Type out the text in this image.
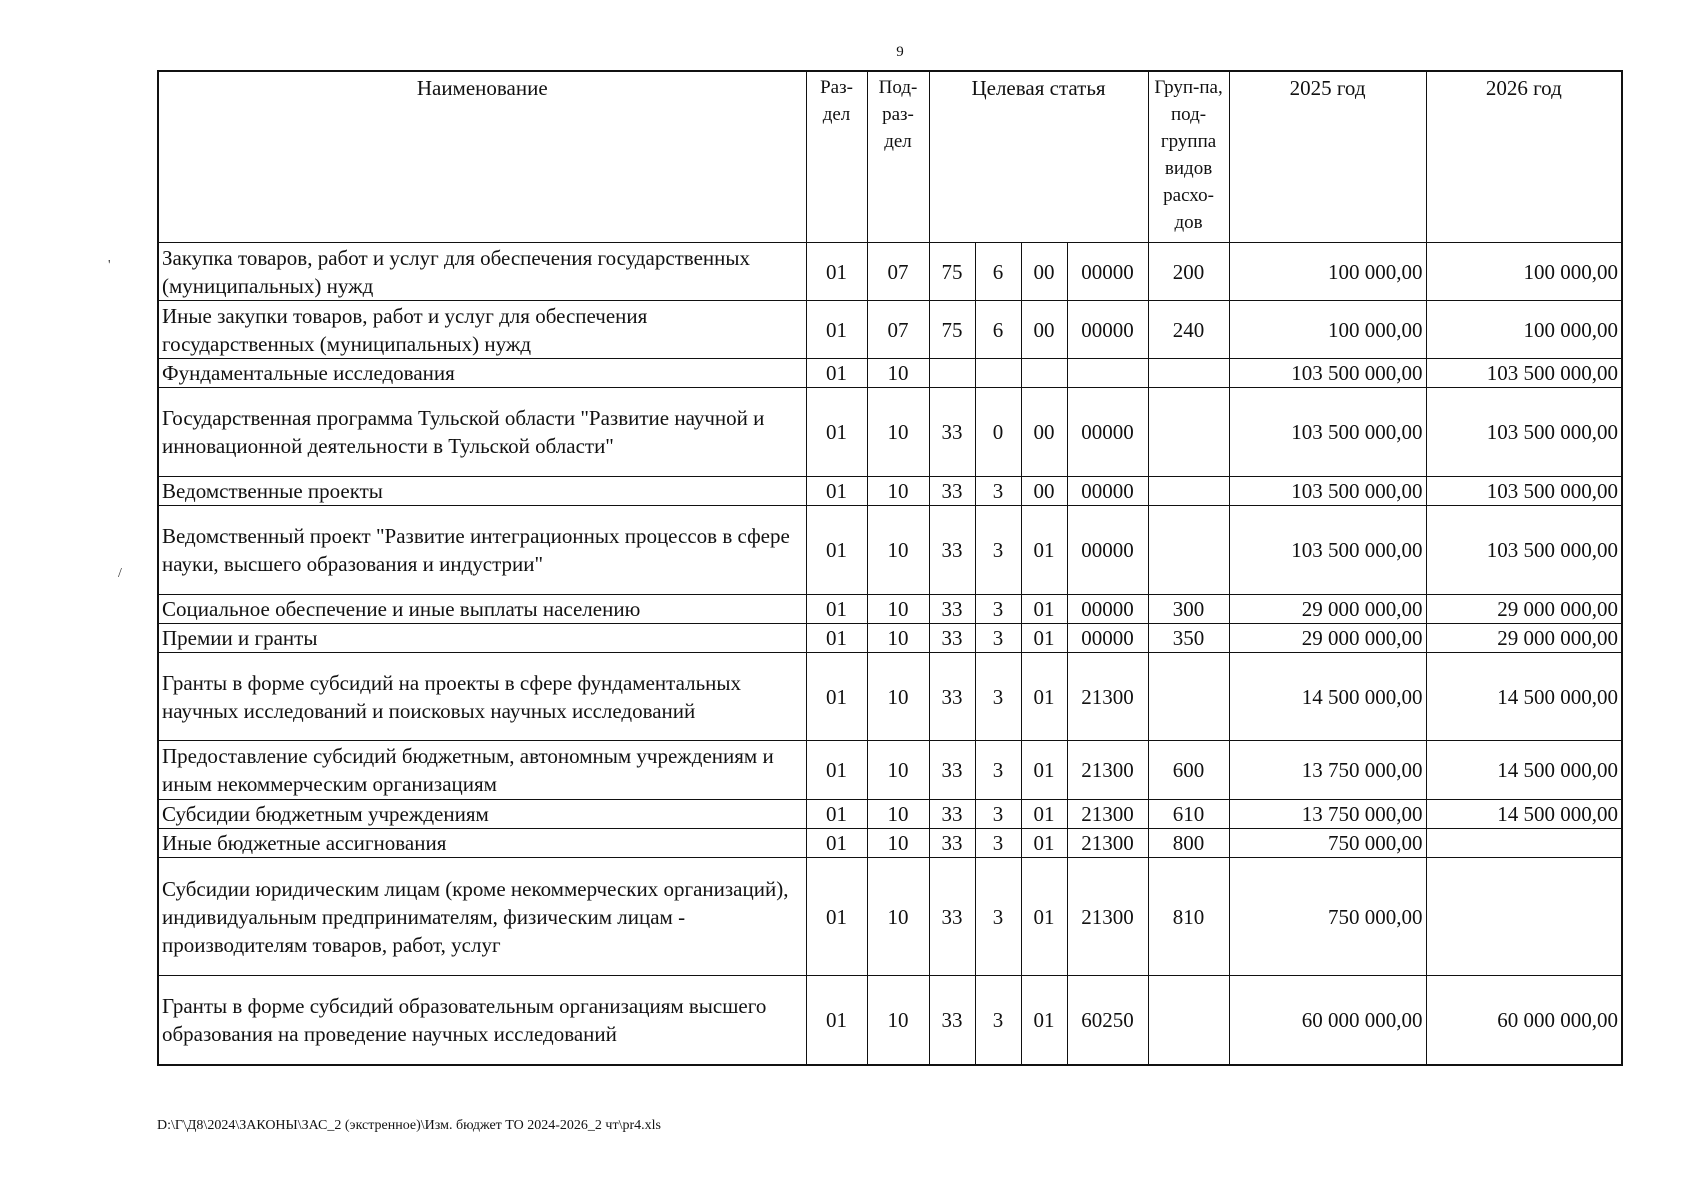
9
'
/
Наименование	Раз-дел	Под-раз-дел	Целевая статья				Груп-па, под-группа видов расхо-дов	2025 год	2026 год
Закупка товаров, работ и услуг для обеспечения государственных (муниципальных) нужд	01	07	75	6	00	00000	200	100 000,00	100 000,00
Иные закупки товаров, работ и услуг для обеспечения государственных (муниципальных) нужд	01	07	75	6	00	00000	240	100 000,00	100 000,00
Фундаментальные исследования	01	10						103 500 000,00	103 500 000,00
Государственная программа Тульской области "Развитие научной и инновационной деятельности в Тульской области"	01	10	33	0	00	00000		103 500 000,00	103 500 000,00
Ведомственные проекты	01	10	33	3	00	00000		103 500 000,00	103 500 000,00
Ведомственный проект "Развитие интеграционных процессов в сфере науки, высшего образования и индустрии"	01	10	33	3	01	00000		103 500 000,00	103 500 000,00
Социальное обеспечение и иные выплаты населению	01	10	33	3	01	00000	300	29 000 000,00	29 000 000,00
Премии и гранты	01	10	33	3	01	00000	350	29 000 000,00	29 000 000,00
Гранты в форме субсидий на проекты в сфере фундаментальных научных исследований и поисковых научных исследований	01	10	33	3	01	21300		14 500 000,00	14 500 000,00
Предоставление субсидий бюджетным, автономным учреждениям и иным некоммерческим организациям	01	10	33	3	01	21300	600	13 750 000,00	14 500 000,00
Субсидии бюджетным учреждениям	01	10	33	3	01	21300	610	13 750 000,00	14 500 000,00
Иные бюджетные ассигнования	01	10	33	3	01	21300	800	750 000,00	
Субсидии юридическим лицам (кроме некоммерческих организаций), индивидуальным предпринимателям, физическим лицам - производителям товаров, работ, услуг	01	10	33	3	01	21300	810	750 000,00	
Гранты в форме субсидий образовательным организациям высшего образования на проведение научных исследований	01	10	33	3	01	60250		60 000 000,00	60 000 000,00
D:\Г\Д8\2024\ЗАКОНЫ\ЗАС_2 (экстренное)\Изм. бюджет ТО 2024-2026_2 чт\pr4.xls
